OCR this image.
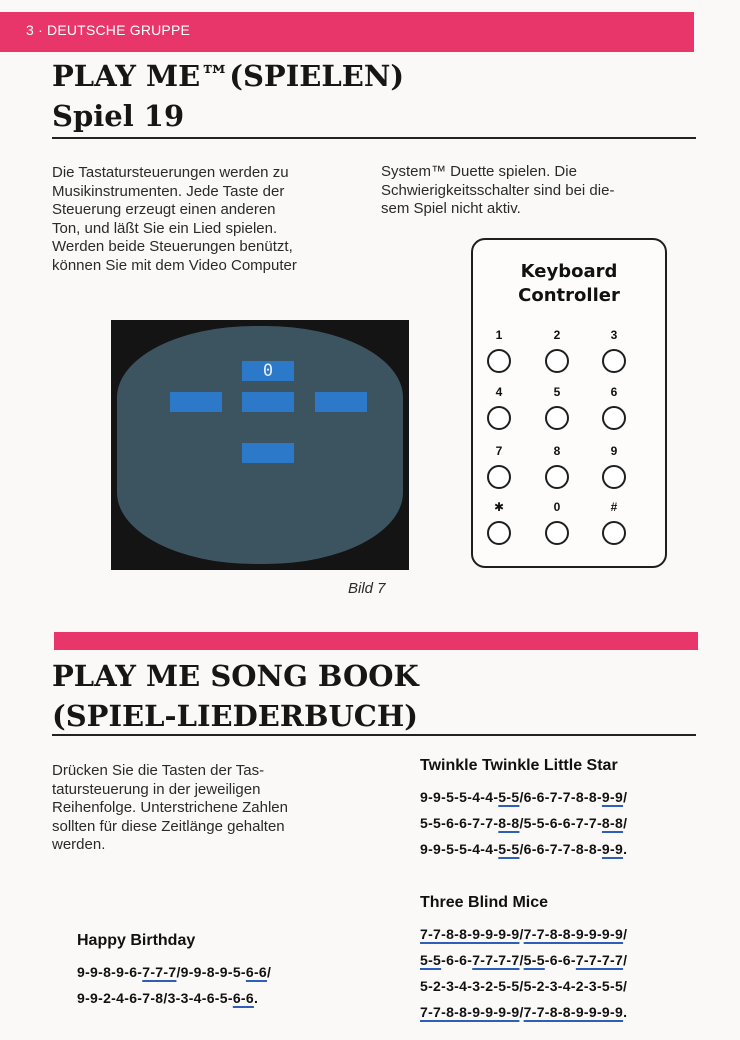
3 · DEUTSCHE GRUPPE
PLAY ME™(SPIELEN)
Spiel 19
Die Tastatursteuerungen werden zu
Musikinstrumenten. Jede Taste der
Steuerung erzeugt einen anderen
Ton, und läßt Sie ein Lied spielen.
Werden beide Steuerungen benützt,
können Sie mit dem Video Computer
System™ Duette spielen. Die
Schwierigkeitsschalter sind bei die-
sem Spiel nicht aktiv.
0
Bild 7
Keyboard
Controller
1	2	3
4	5	6
7	8	9
✱	0	#
PLAY ME SONG BOOK
(SPIEL-LIEDERBUCH)
Drücken Sie die Tasten der Tas-
tatursteuerung in der jeweiligen
Reihenfolge. Unterstrichene Zahlen
sollten für diese Zeitlänge gehalten
werden.
Twinkle Twinkle Little Star
9-9-5-5-4-4-5-5/6-6-7-7-8-8-9-9/
5-5-6-6-7-7-8-8/5-5-6-6-7-7-8-8/
9-9-5-5-4-4-5-5/6-6-7-7-8-8-9-9.
Three Blind Mice
7-7-8-8-9-9-9-9/7-7-8-8-9-9-9-9/
5-5-6-6-7-7-7-7/5-5-6-6-7-7-7-7/
5-2-3-4-3-2-5-5/5-2-3-4-2-3-5-5/
7-7-8-8-9-9-9-9/7-7-8-8-9-9-9-9.
Happy Birthday
9-9-8-9-6-7-7-7/9-9-8-9-5-6-6/
9-9-2-4-6-7-8/3-3-4-6-5-6-6.
